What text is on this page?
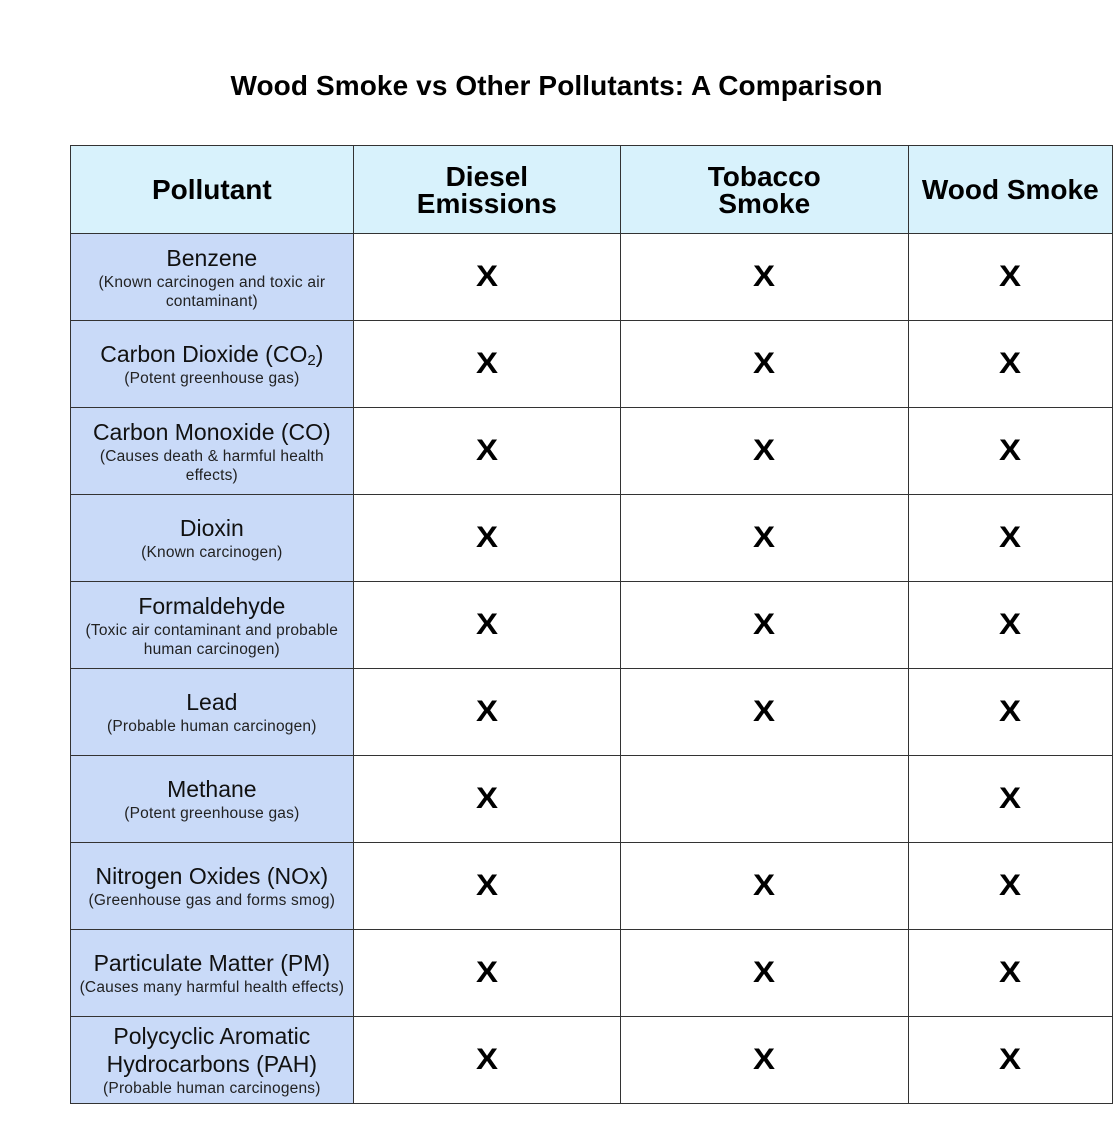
Wood Smoke vs Other Pollutants: A Comparison
Pollutant	Diesel Emissions	Tobacco Smoke	Wood Smoke

Benzene
(Known carcinogen and toxic air contaminant)	X	X	X

Carbon Dioxide $(CO_2)$
(Potent greenhouse gas)	X	X	X

Carbon Monoxide (CO)
(Causes death & harmful health effects)	X	X	X

Dioxin
(Known carcinogen)	X	X	X

Formaldehyde
(Toxic air contaminant and probable human carcinogen)	X	X	X

Lead
(Probable human carcinogen)	X	X	X

Methane
(Potent greenhouse gas)	X		X

Nitrogen Oxides (NOx)
(Greenhouse gas and forms smog)	X	X	X

Particulate Matter (PM)
(Causes many harmful health effects)	X	X	X

Polycyclic Aromatic Hydrocarbons (PAH)
(Probable human carcinogens)	X	X	X
